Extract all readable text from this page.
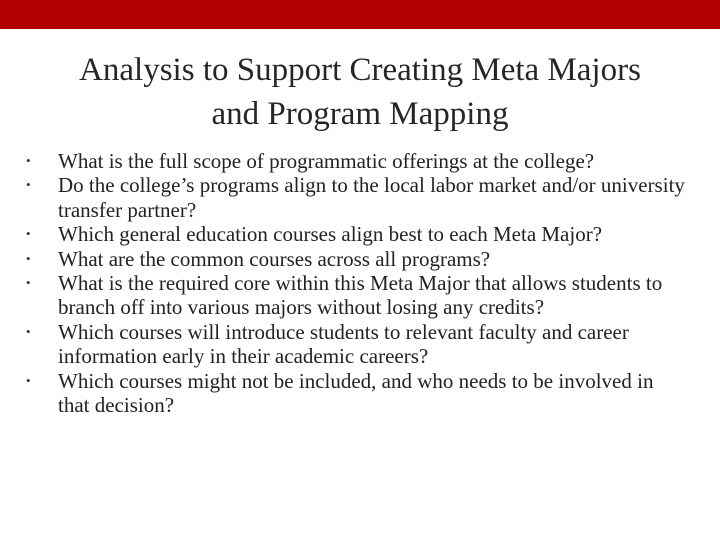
Analysis to Support Creating Meta Majors
and Program Mapping
•	What is the full scope of programmatic offerings at the college?
•	Do the college’s programs align to the local labor market and/or university transfer partner?
•	Which general education courses align best to each Meta Major?
•	What are the common courses across all programs?
•	What is the required core within this Meta Major that allows students to branch off into various majors without losing any credits?
•	Which courses will introduce students to relevant faculty and career information early in their academic careers?
•	Which courses might not be included, and who needs to be involved in that decision?
